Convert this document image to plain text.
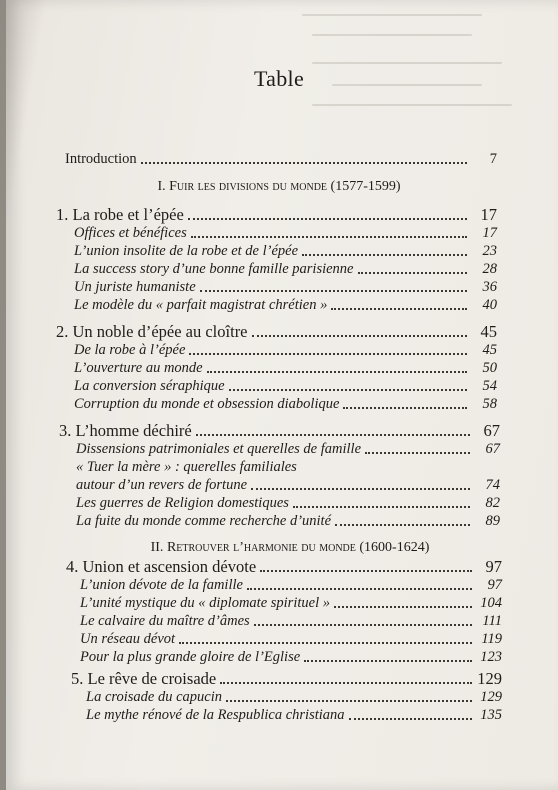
Table
Introduction	7
I. Fuir les divisions du monde (1577-1599)
1. La robe et l’épée	17
Offices et bénéfices	17
L’union insolite de la robe et de l’épée	23
La success story d’une bonne famille parisienne	28
Un juriste humaniste	36
Le modèle du « parfait magistrat chrétien »	40
2. Un noble d’épée au cloître	45
De la robe à l’épée	45
L’ouverture au monde	50
La conversion séraphique	54
Corruption du monde et obsession diabolique	58
3. L’homme déchiré	67
Dissensions patrimoniales et querelles de famille	67
« Tuer la mère » : querelles familiales
autour d’un revers de fortune	74
Les guerres de Religion domestiques	82
La fuite du monde comme recherche d’unité	89
II. Retrouver l’harmonie du monde (1600-1624)
4. Union et ascension dévote	97
L’union dévote de la famille	97
L’unité mystique du « diplomate spirituel »	104
Le calvaire du maître d’âmes	111
Un réseau dévot	119
Pour la plus grande gloire de l’Eglise	123
5. Le rêve de croisade	129
La croisade du capucin	129
Le mythe rénové de la Respublica christiana	135
